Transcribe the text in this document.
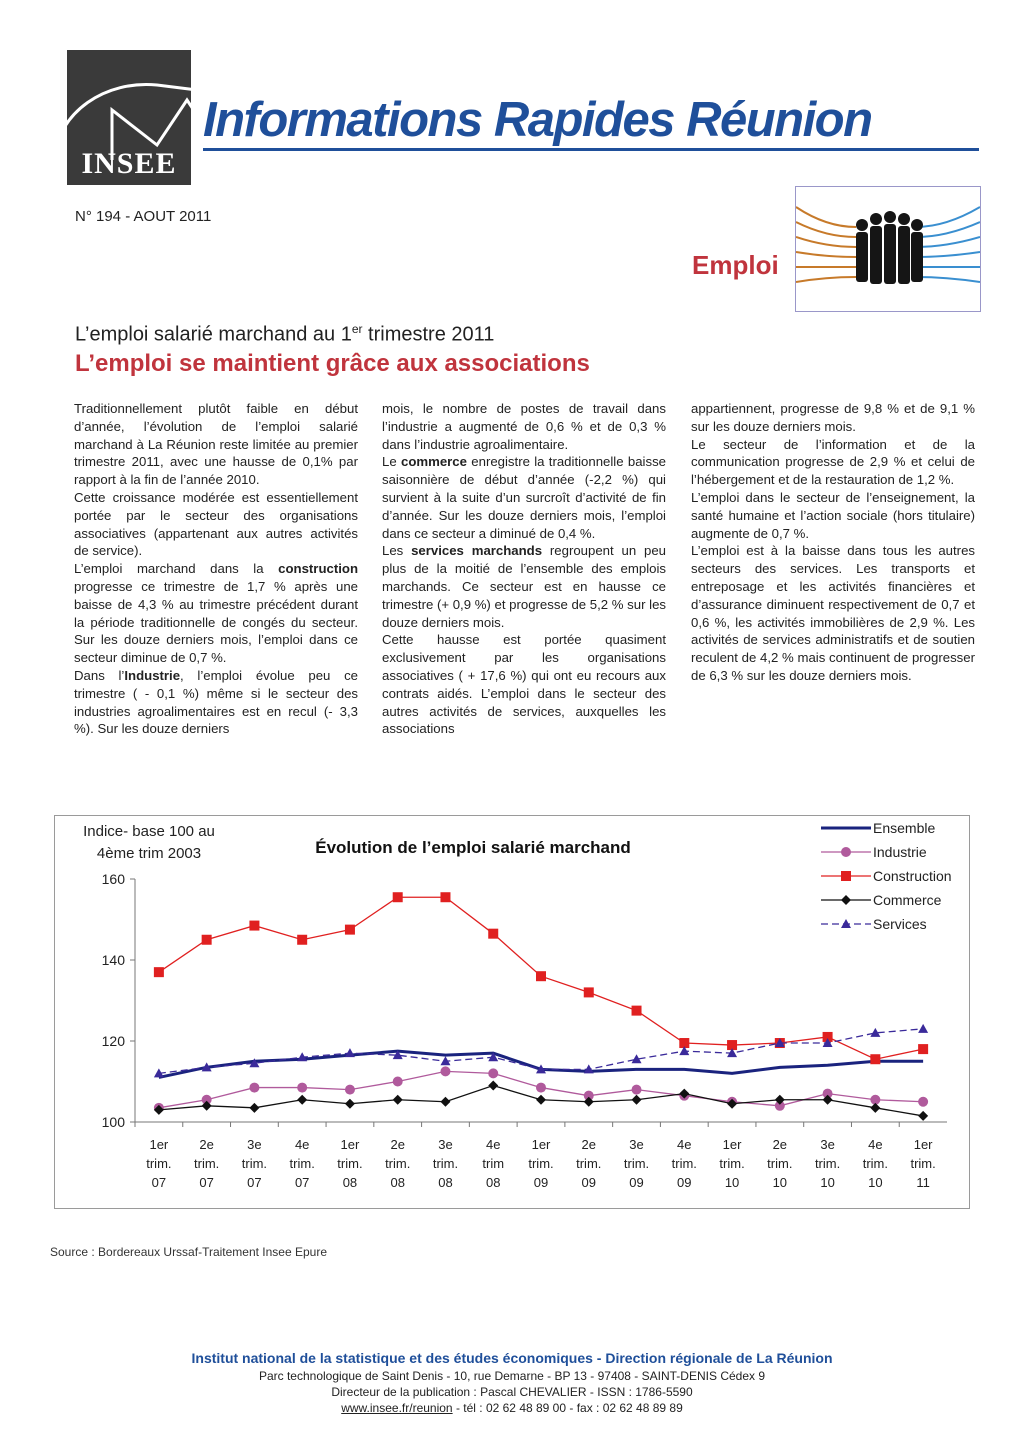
INSEE
Informations Rapides Réunion
N° 194 - AOUT 2011
Emploi
L’emploi salarié marchand au 1er trimestre 2011
L’emploi se maintient grâce aux associations

Traditionnellement plutôt faible en début d’année, l’évolution de l’emploi salarié marchand à La Réunion reste limitée au premier trimestre 2011, avec une hausse de 0,1% par rapport à la fin de l’année 2010.

Cette croissance modérée est essentiellement portée par le secteur des organisations associatives (appartenant aux autres activités de service).

L’emploi marchand dans la construction progresse ce trimestre de 1,7 % après une baisse de 4,3 % au trimestre précédent durant la période traditionnelle de congés du secteur. Sur les douze derniers mois, l’emploi dans ce secteur diminue de 0,7 %.

Dans l’Industrie, l’emploi évolue peu ce trimestre ( - 0,1 %) même si le secteur des industries agroalimentaires est en recul (- 3,3 %). Sur les douze derniers

mois, le nombre de postes de travail dans l’industrie a augmenté de 0,6 % et de 0,3 % dans l’industrie agroalimentaire.

Le commerce enregistre la traditionnelle baisse saisonnière de début d’année (-2,2 %) qui survient à la suite d’un surcroît d’activité de fin d’année. Sur les douze derniers mois, l’emploi dans ce secteur a diminué de 0,4 %.

Les services marchands regroupent un peu plus de la moitié de l’ensemble des emplois marchands. Ce secteur est en hausse ce trimestre (+ 0,9 %) et progresse de 5,2 % sur les douze derniers mois.

Cette hausse est portée quasiment exclusivement par les organisations associatives ( + 17,6 %) qui ont eu recours aux contrats aidés. L’emploi dans le secteur des autres activités de services, auxquelles les associations

appartiennent, progresse de 9,8 % et de 9,1 % sur les douze derniers mois.

Le secteur de l’information et de la communication progresse de 2,9 % et celui de l’hébergement et de la restauration de 1,2 %.

L’emploi dans le secteur de l’enseignement, la santé humaine et l’action sociale (hors titulaire) augmente de 0,7 %.

L’emploi est à la baisse dans tous les autres secteurs des services. Les transports et entreposage et les activités financières et d’assurance diminuent respectivement de 0,7 et 0,6 %, les activités immobilières de 2,9 %. Les activités de services administratifs et de soutien reculent de 4,2 % mais continuent de progresser de 6,3 % sur les douze derniers mois.

100
120
140
160
1er
trim.
07
2e
trim.
07
3e
trim.
07
4e
trim.
07
1er
trim.
08
2e
trim.
08
3e
trim.
08
4e
trim
08
1er
trim.
09
2e
trim.
09
3e
trim.
09
4e
trim.
09
1er
trim.
10
2e
trim.
10
3e
trim.
10
4e
trim.
10
1er
trim.
11
Indice- base 100 au
4ème trim 2003	Évolution de l’emploi salarié marchand
Ensemble
Industrie
Construction
Commerce
Services
Source : Bordereaux Urssaf-Traitement Insee Epure
Institut national de la statistique et des études économiques - Direction régionale de La Réunion
Parc technologique de Saint Denis - 10, rue Demarne - BP 13 - 97408 - SAINT-DENIS Cédex 9
Directeur de la publication : Pascal CHEVALIER - ISSN : 1786-5590
www.insee.fr/reunion - tél : 02 62 48 89 00 - fax : 02 62 48 89 89
